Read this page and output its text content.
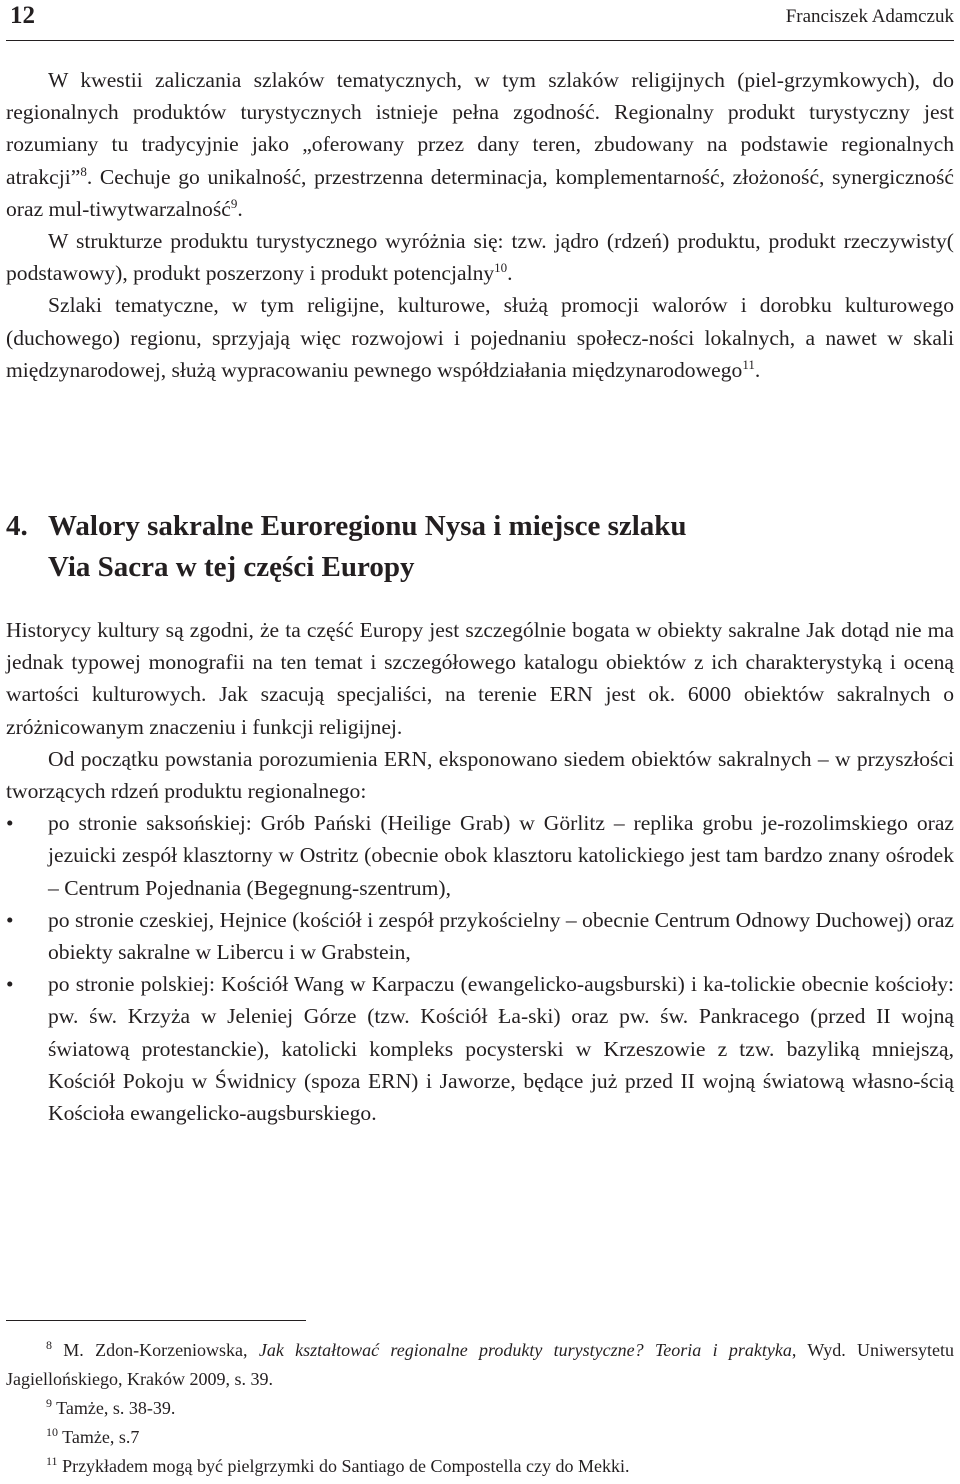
12	Franciszek Adamczuk

W kwestii zaliczania szlaków tematycznych, w tym szlaków religijnych (piel-grzymkowych), do regionalnych produktów turystycznych istnieje pełna zgodność. Regionalny produkt turystyczny jest rozumiany tu tradycyjnie jako „oferowany przez dany teren, zbudowany na podstawie regionalnych atrakcji”$^8$. Cechuje go unikalność, przestrzenna determinacja, komplementarność, złożoność, synergiczność oraz mul-tiwytwarzalność$^9$.

W strukturze produktu turystycznego wyróżnia się: tzw. jądro (rdzeń) produktu, produkt rzeczywisty( podstawowy), produkt poszerzony i produkt potencjalny$^{10}$.

Szlaki tematyczne, w tym religijne, kulturowe, służą promocji walorów i dorobku kulturowego (duchowego) regionu, sprzyjają więc rozwojowi i pojednaniu społecz-ności lokalnych, a nawet w skali międzynarodowej, służą wypracowaniu pewnego współdziałania międzynarodowego$^{11}$.

4. Walory sakralne Euroregionu Nysa i miejsce szlaku
Via Sacra w tej części Europy

Historycy kultury są zgodni, że ta część Europy jest szczególnie bogata w obiekty sakralne Jak dotąd nie ma jednak typowej monografii na ten temat i szczegółowego katalogu obiektów z ich charakterystyką i oceną wartości kulturowych. Jak szacują specjaliści, na terenie ERN jest ok. 6000 obiektów sakralnych o zróżnicowanym znaczeniu i funkcji religijnej.

Od początku powstania porozumienia ERN, eksponowano siedem obiektów sakralnych – w przyszłości tworzących rdzeń produktu regionalnego:

• po stronie saksońskiej: Grób Pański (Heilige Grab) w Görlitz – replika grobu je-rozolimskiego oraz jezuicki zespół klasztorny w Ostritz (obecnie obok klasztoru katolickiego jest tam bardzo znany ośrodek – Centrum Pojednania (Begegnung-szentrum),
• po stronie czeskiej, Hejnice (kościół i zespół przykościelny – obecnie Centrum Odnowy Duchowej) oraz obiekty sakralne w Libercu i w Grabstein,
• po stronie polskiej: Kościół Wang w Karpaczu (ewangelicko-augsburski) i ka-tolickie obecnie kościoły: pw. św. Krzyża w Jeleniej Górze (tzw. Kościół Ła-ski) oraz pw. św. Pankracego (przed II wojną światową protestanckie), katolicki kompleks pocysterski w Krzeszowie z tzw. bazyliką mniejszą, Kościół Pokoju w Świdnicy (spoza ERN) i Jaworze, będące już przed II wojną światową własno-ścią Kościoła ewangelicko-augsburskiego.

$^8$ M. Zdon-Korzeniowska, Jak kształtować regionalne produkty turystyczne? Teoria i praktyka, Wyd. Uniwersytetu Jagiellońskiego, Kraków 2009, s. 39.

$^9$ Tamże, s. 38-39.

$^{10}$ Tamże, s.7

$^{11}$ Przykładem mogą być pielgrzymki do Santiago de Compostella czy do Mekki.
